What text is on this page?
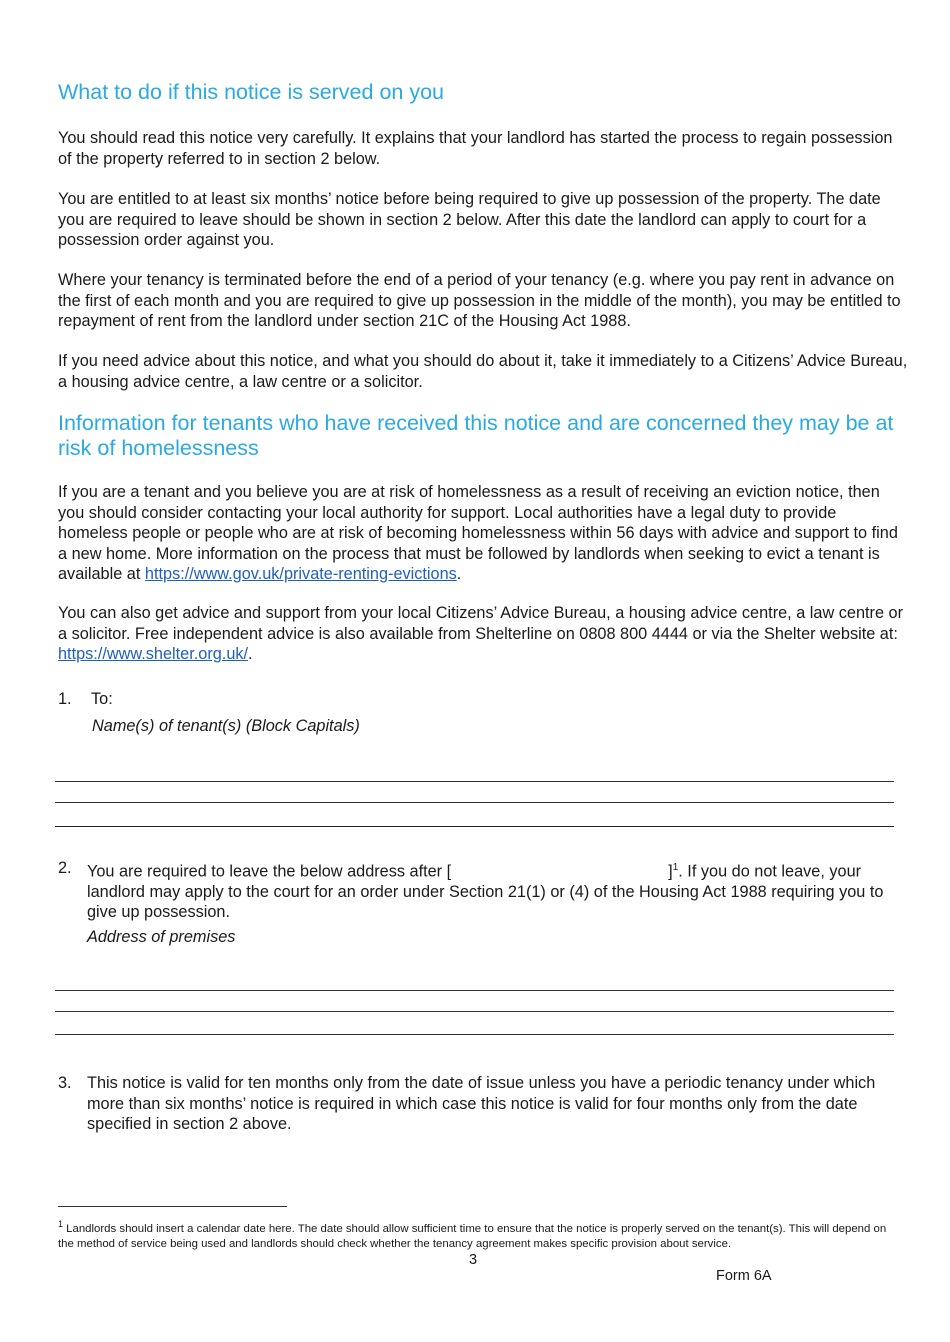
What to do if this notice is served on you

You should read this notice very carefully. It explains that your landlord has started the process to regain possession of the property referred to in section 2 below.

You are entitled to at least six months’ notice before being required to give up possession of the property. The date you are required to leave should be shown in section 2 below. After this date the landlord can apply to court for a possession order against you.

Where your tenancy is terminated before the end of a period of your tenancy (e.g. where you pay rent in advance on the first of each month and you are required to give up possession in the middle of the month), you may be entitled to repayment of rent from the landlord under section 21C of the Housing Act 1988.

If you need advice about this notice, and what you should do about it, take it immediately to a Citizens’ Advice Bureau, a housing advice centre, a law centre or a solicitor.

Information for tenants who have received this notice and are concerned they may be at risk of homelessness

If you are a tenant and you believe you are at risk of homelessness as a result of receiving an eviction notice, then you should consider contacting your local authority for support. Local authorities have a legal duty to provide homeless people or people who are at risk of becoming homelessness within 56 days with advice and support to find a new home. More information on the process that must be followed by landlords when seeking to evict a tenant is available at https://www.gov.uk/private-renting-evictions.

You can also get advice and support from your local Citizens’ Advice Bureau, a housing advice centre, a law centre or a solicitor. Free independent advice is also available from Shelterline on 0808 800 4444 or via the Shelter website at: https://www.shelter.org.uk/.

1. To:
Name(s) of tenant(s) (Block Capitals)
2. You are required to leave the below address after [	]$^1$. If you do not leave, your landlord may apply to the court for an order under Section 21(1) or (4) of the Housing Act 1988 requiring you to give up possession.
Address of premises
3. This notice is valid for ten months only from the date of issue unless you have a periodic tenancy under which more than six months’ notice is required in which case this notice is valid for four months only from the date specified in section 2 above.
$^1$ Landlords should insert a calendar date here. The date should allow sufficient time to ensure that the notice is properly served on the tenant(s). This will depend on the method of service being used and landlords should check whether the tenancy agreement makes specific provision about service.
3
Form 6A
